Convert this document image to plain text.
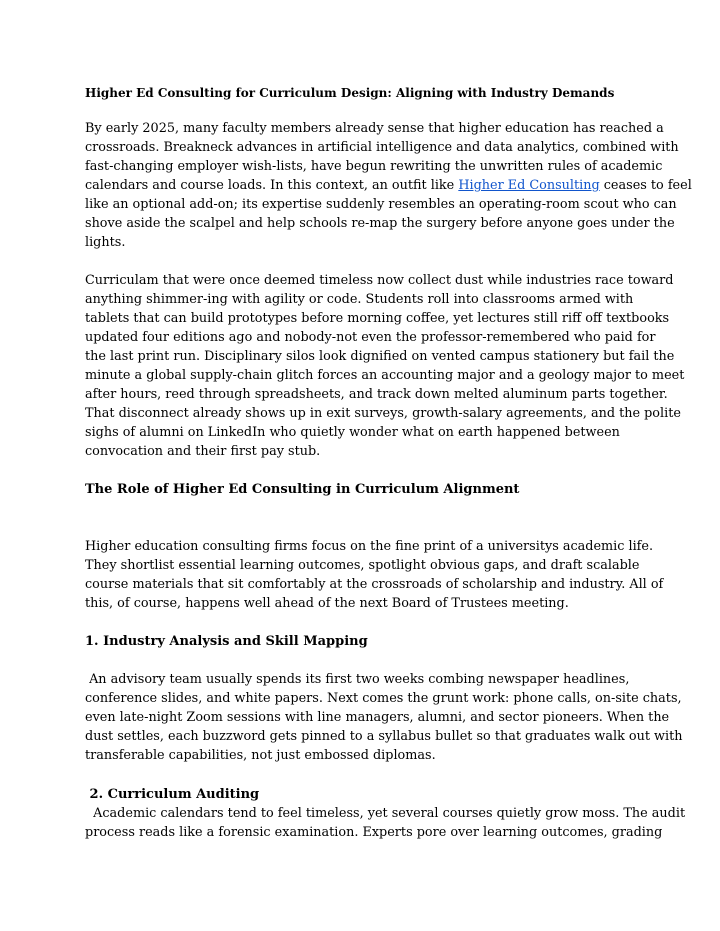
Higher Ed Consulting for Curriculum Design: Aligning with Industry Demands
By early 2025, many faculty members already sense that higher education has reached a
crossroads. Breakneck advances in artificial intelligence and data analytics, combined with
fast-changing employer wish-lists, have begun rewriting the unwritten rules of academic
calendars and course loads. In this context, an outfit like Higher Ed Consulting ceases to feel
like an optional add-on; its expertise suddenly resembles an operating-room scout who can
shove aside the scalpel and help schools re-map the surgery before anyone goes under the
lights.
Curriculam that were once deemed timeless now collect dust while industries race toward
anything shimmer-ing with agility or code. Students roll into classrooms armed with
tablets that can build prototypes before morning coffee, yet lectures still riff off textbooks
updated four editions ago and nobody-not even the professor-remembered who paid for
the last print run. Disciplinary silos look dignified on vented campus stationery but fail the
minute a global supply-chain glitch forces an accounting major and a geology major to meet
after hours, reed through spreadsheets, and track down melted aluminum parts together.
That disconnect already shows up in exit surveys, growth-salary agreements, and the polite
sighs of alumni on LinkedIn who quietly wonder what on earth happened between
convocation and their first pay stub.
The Role of Higher Ed Consulting in Curriculum Alignment
Higher education consulting firms focus on the fine print of a universitys academic life.
They shortlist essential learning outcomes, spotlight obvious gaps, and draft scalable
course materials that sit comfortably at the crossroads of scholarship and industry. All of
this, of course, happens well ahead of the next Board of Trustees meeting.
1. Industry Analysis and Skill Mapping
An advisory team usually spends its first two weeks combing newspaper headlines,
conference slides, and white papers. Next comes the grunt work: phone calls, on-site chats,
even late-night Zoom sessions with line managers, alumni, and sector pioneers. When the
dust settles, each buzzword gets pinned to a syllabus bullet so that graduates walk out with
transferable capabilities, not just embossed diplomas.
2. Curriculum Auditing
Academic calendars tend to feel timeless, yet several courses quietly grow moss. The audit
process reads like a forensic examination. Experts pore over learning outcomes, grading
